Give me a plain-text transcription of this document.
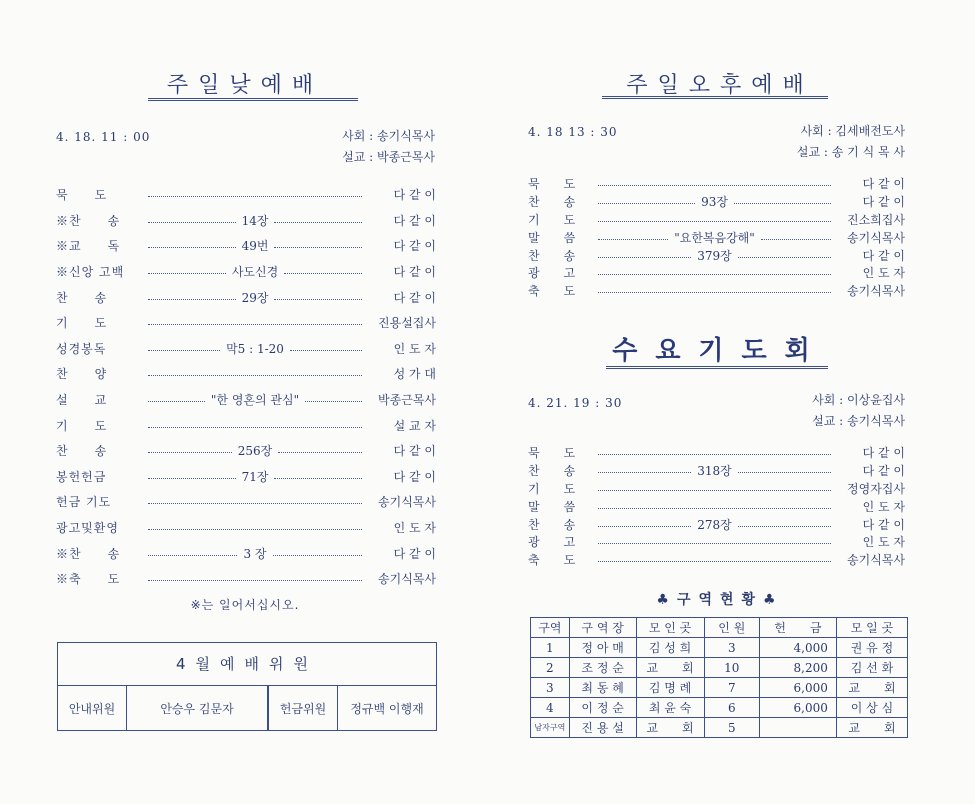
주일낮예배
4. 18. 11 : 00	사회 : 송기식목사
설교 : 박종근목사
묵　　도	다 같 이
※찬　　송	14장	다 같 이
※교　　독	49번	다 같 이
※신앙 고백	사도신경	다 같 이
찬　　송	29장	다 같 이
기　　도	진용설집사
성경봉독	막5 : 1-20	인 도 자
찬　　양	성 가 대
설　　교	"한 영혼의 관심"	박종근목사
기　　도	설 교 자
찬　　송	256장	다 같 이
봉헌헌금	71장	다 같 이
헌금 기도	송기식목사
광고및환영	인 도 자
※찬　　송	3 장	다 같 이
※축　　도	송기식목사
※는 일어서십시오.
4월예배위원
안내위원	안승우 김문자	헌금위원	정규백 이행재
주일오후예배
4. 18 13 : 30	사회 : 김세배전도사
설교 : 송 기 식 목 사
묵　　도	다 같 이
찬　　송	93장	다 같 이
기　　도	진소희집사
말　　씀	"요한복음강해"	송기식목사
찬　　송	379장	다 같 이
광　　고	인 도 자
축　　도	송기식목사
수요기도회
4. 21. 19 : 30	사회 : 이상윤집사
설교 : 송기식목사
묵　　도	다 같 이
찬　　송	318장	다 같 이
기　　도	정영자집사
말　　씀	인 도 자
찬　　송	278장	다 같 이
광　　고	인 도 자
축　　도	송기식목사
♣구역현황♣
구역	구 역 장	모 인 곳	인 원	헌　　금	모 일 곳
1	정 아 매	김 성 희	3	4,000	권 유 정
2	조 정 순	교　　회	10	8,200	김 선 화
3	최 동 혜	김 명 례	7	6,000	교　　회
4	이 정 순	최 윤 숙	6	6,000	이 상 심
남자구역	진 용 설	교　　회	5		교　　회
